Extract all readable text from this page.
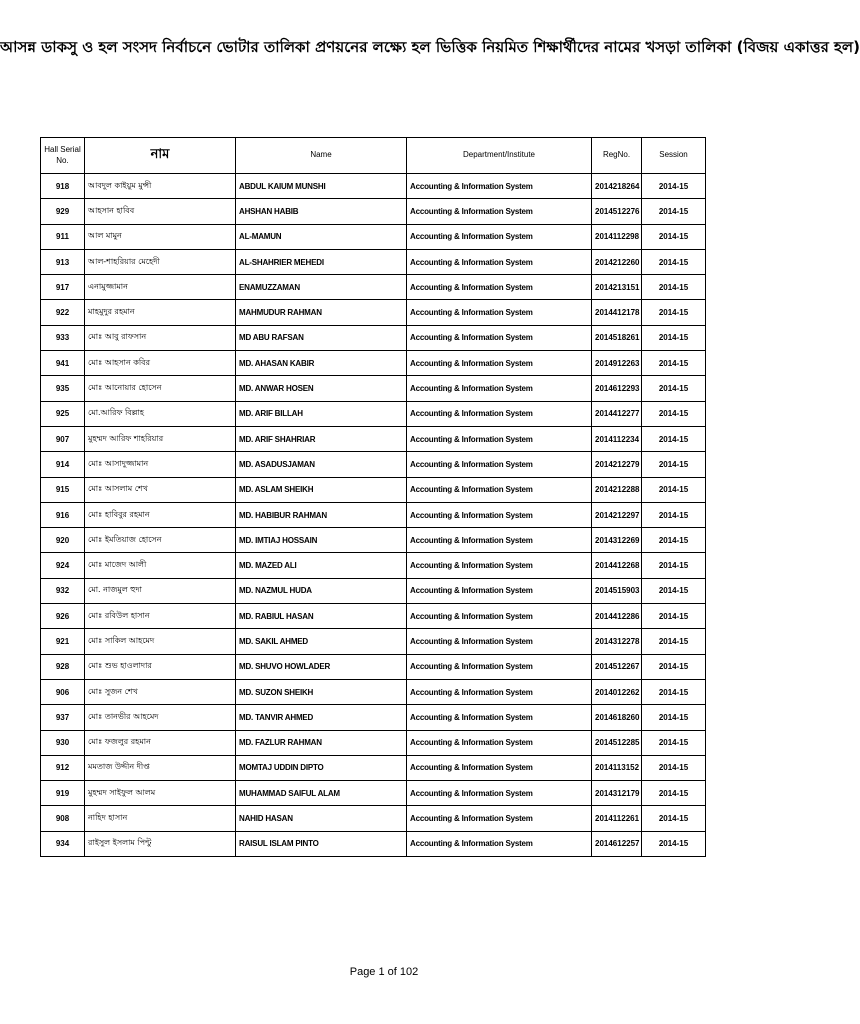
আসন্ন ডাকসু ও হল সংসদ নির্বাচনে ভোটার তালিকা প্রণয়নের লক্ষ্যে হল ভিত্তিক নিয়মিত শিক্ষার্থীদের নামের খসড়া তালিকা (বিজয় একাত্তর হল)
Hall Serial No.	নাম	Name	Department/Institute	RegNo.	Session
918	আবদুল কাইয়ুম মুন্সী	ABDUL KAIUM MUNSHI	Accounting & Information System	2014218264	2014-15
929	আহসান হাবিব	AHSHAN HABIB	Accounting & Information System	2014512276	2014-15
911	আল মামুন	AL-MAMUN	Accounting & Information System	2014112298	2014-15
913	আল-শাহরিয়ার মেহেদী	AL-SHAHRIER MEHEDI	Accounting & Information System	2014212260	2014-15
917	এনামুজ্জামান	ENAMUZZAMAN	Accounting & Information System	2014213151	2014-15
922	মাহমুদুর রহমান	MAHMUDUR RAHMAN	Accounting & Information System	2014412178	2014-15
933	মোঃ আবু রাফসান	MD ABU RAFSAN	Accounting & Information System	2014518261	2014-15
941	মোঃ আহসান কবির	MD. AHASAN KABIR	Accounting & Information System	2014912263	2014-15
935	মোঃ আনোয়ার হোসেন	MD. ANWAR HOSEN	Accounting & Information System	2014612293	2014-15
925	মো.আরিফ বিল্লাহ	MD. ARIF BILLAH	Accounting & Information System	2014412277	2014-15
907	মুহম্মদ আরিফ শাহরিয়ার	MD. ARIF SHAHRIAR	Accounting & Information System	2014112234	2014-15
914	মোঃ আসাদুজ্জামান	MD. ASADUSJAMAN	Accounting & Information System	2014212279	2014-15
915	মোঃ আসলাম শেখ	MD. ASLAM SHEIKH	Accounting & Information System	2014212288	2014-15
916	মোঃ হাবিবুর রহমান	MD. HABIBUR RAHMAN	Accounting & Information System	2014212297	2014-15
920	মোঃ ইমতিয়াজ হোসেন	MD. IMTIAJ HOSSAIN	Accounting & Information System	2014312269	2014-15
924	মোঃ মাজেদ আলী	MD. MAZED ALI	Accounting & Information System	2014412268	2014-15
932	মো. নাজমুল হুদা	MD. NAZMUL HUDA	Accounting & Information System	2014515903	2014-15
926	মোঃ রবিউল হাসান	MD. RABIUL HASAN	Accounting & Information System	2014412286	2014-15
921	মোঃ সাকিল আহমেদ	MD. SAKIL AHMED	Accounting & Information System	2014312278	2014-15
928	মোঃ শুভ হাওলাদার	MD. SHUVO HOWLADER	Accounting & Information System	2014512267	2014-15
906	মোঃ সুজন শেখ	MD. SUZON SHEIKH	Accounting & Information System	2014012262	2014-15
937	মোঃ তানভীর আহমেদ	MD. TANVIR AHMED	Accounting & Information System	2014618260	2014-15
930	মোঃ ফজলুর রহমান	MD. FAZLUR RAHMAN	Accounting & Information System	2014512285	2014-15
912	মমতাজ উদ্দীন দীপ্ত	MOMTAJ UDDIN DIPTO	Accounting & Information System	2014113152	2014-15
919	মুহম্মদ সাইফুল আলম	MUHAMMAD SAIFUL ALAM	Accounting & Information System	2014312179	2014-15
908	নাহিদ হাসান	NAHID HASAN	Accounting & Information System	2014112261	2014-15
934	রাইসুল ইসলাম পিন্টু	RAISUL ISLAM PINTO	Accounting & Information System	2014612257	2014-15
Page 1 of 102
